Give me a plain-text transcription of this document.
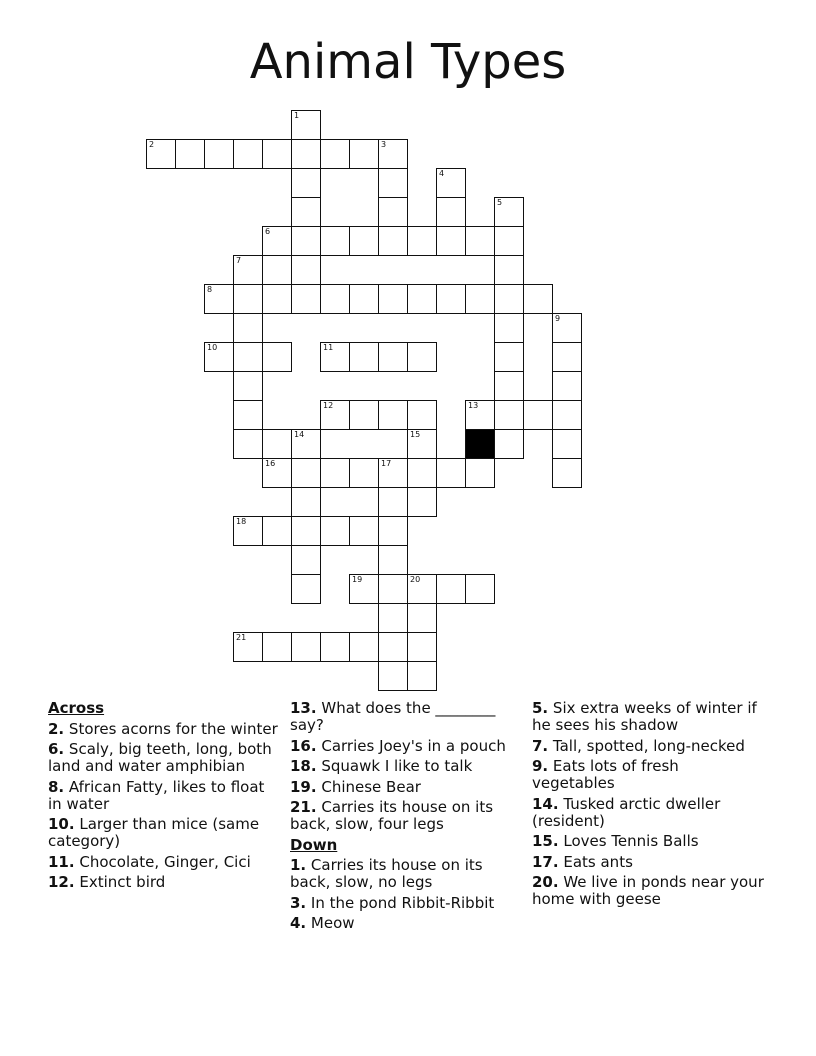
Animal Types
1
2	3
4
5
6
7
8
9
10	11
12	13
14	15
16	17
18
19	20
21
Across
2. Stores acorns for the winter
6. Scaly, big teeth, long, both land and water amphibian
8. African Fatty, likes to float in water
10. Larger than mice (same category)
11. Chocolate, Ginger, Cici
12. Extinct bird
13. What does the ________ say?
16. Carries Joey's in a pouch
18. Squawk I like to talk
19. Chinese Bear
21. Carries its house on its back, slow, four legs
Down
1. Carries its house on its back, slow, no legs
3. In the pond Ribbit-Ribbit
4. Meow
5. Six extra weeks of winter if he sees his shadow
7. Tall, spotted, long-necked
9. Eats lots of fresh vegetables
14. Tusked arctic dweller (resident)
15. Loves Tennis Balls
17. Eats ants
20. We live in ponds near your home with geese
